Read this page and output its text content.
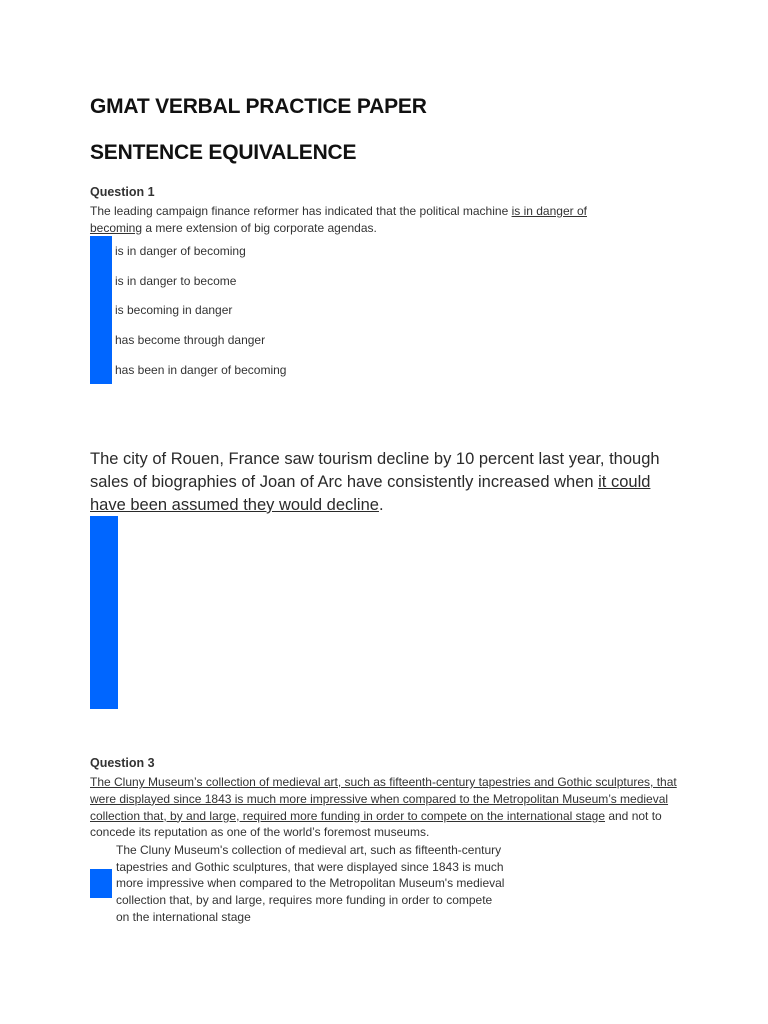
GMAT VERBAL PRACTICE PAPER
SENTENCE EQUIVALENCE

Question 1

The leading campaign finance reformer has indicated that the political machine is in danger of becoming a mere extension of big corporate agendas.

is in danger of becoming
is in danger to become
is becoming in danger
has become through danger
has been in danger of becoming

The city of Rouen, France saw tourism decline by 10 percent last year, though sales of biographies of Joan of Arc have consistently increased when it could have been assumed they would decline.

Question 3

The Cluny Museum’s collection of medieval art, such as fifteenth-century tapestries and Gothic sculptures, that were displayed since 1843 is much more impressive when compared to the Metropolitan Museum’s medieval collection that, by and large, required more funding in order to compete on the international stage and not to concede its reputation as one of the world’s foremost museums.

The Cluny Museum's collection of medieval art, such as fifteenth-century tapestries and Gothic sculptures, that were displayed since 1843 is much more impressive when compared to the Metropolitan Museum's medieval collection that, by and large, requires more funding in order to compete on the international stage
